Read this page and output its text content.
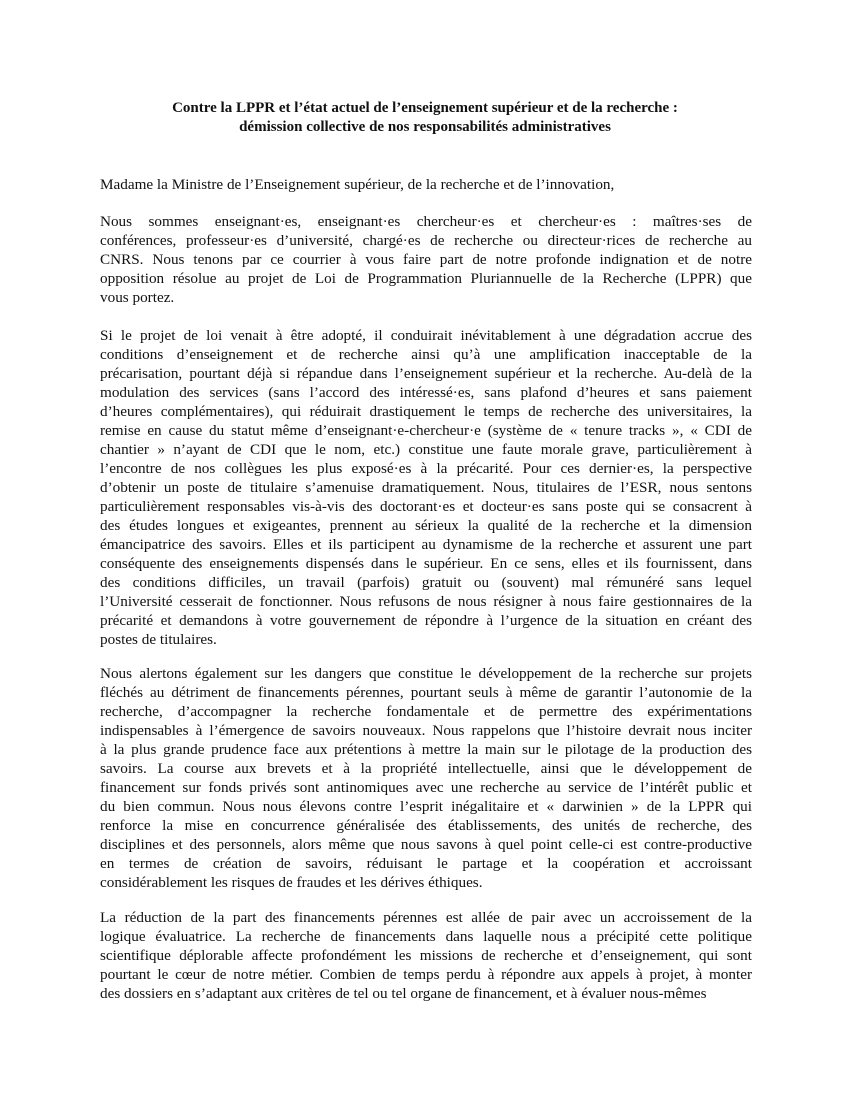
Contre la LPPR et l’état actuel de l’enseignement supérieur et de la recherche :
démission collective de nos responsabilités administratives
Madame la Ministre de l’Enseignement supérieur, de la recherche et de l’innovation,
Nous sommes enseignant·es, enseignant·es chercheur·es et chercheur·es : maîtres·ses de
conférences, professeur·es d’université, chargé·es de recherche ou directeur·rices de recherche au
CNRS. Nous tenons par ce courrier à vous faire part de notre profonde indignation et de notre
opposition résolue au projet de Loi de Programmation Pluriannuelle de la Recherche (LPPR) que
vous portez.
Si le projet de loi venait à être adopté, il conduirait inévitablement à une dégradation accrue des
conditions d’enseignement et de recherche ainsi qu’à une amplification inacceptable de la
précarisation, pourtant déjà si répandue dans l’enseignement supérieur et la recherche. Au-delà de la
modulation des services (sans l’accord des intéressé·es, sans plafond d’heures et sans paiement
d’heures complémentaires), qui réduirait drastiquement le temps de recherche des universitaires, la
remise en cause du statut même d’enseignant·e-chercheur·e (système de « tenure tracks », « CDI de
chantier » n’ayant de CDI que le nom, etc.) constitue une faute morale grave, particulièrement à
l’encontre de nos collègues les plus exposé·es à la précarité. Pour ces dernier·es, la perspective
d’obtenir un poste de titulaire s’amenuise dramatiquement. Nous, titulaires de l’ESR, nous sentons
particulièrement responsables vis-à-vis des doctorant·es et docteur·es sans poste qui se consacrent à
des études longues et exigeantes, prennent au sérieux la qualité de la recherche et la dimension
émancipatrice des savoirs. Elles et ils participent au dynamisme de la recherche et assurent une part
conséquente des enseignements dispensés dans le supérieur. En ce sens, elles et ils fournissent, dans
des conditions difficiles, un travail (parfois) gratuit ou (souvent) mal rémunéré sans lequel
l’Université cesserait de fonctionner. Nous refusons de nous résigner à nous faire gestionnaires de la
précarité et demandons à votre gouvernement de répondre à l’urgence de la situation en créant des
postes de titulaires.
Nous alertons également sur les dangers que constitue le développement de la recherche sur projets
fléchés au détriment de financements pérennes, pourtant seuls à même de garantir l’autonomie de la
recherche, d’accompagner la recherche fondamentale et de permettre des expérimentations
indispensables à l’émergence de savoirs nouveaux. Nous rappelons que l’histoire devrait nous inciter
à la plus grande prudence face aux prétentions à mettre la main sur le pilotage de la production des
savoirs. La course aux brevets et à la propriété intellectuelle, ainsi que le développement de
financement sur fonds privés sont antinomiques avec une recherche au service de l’intérêt public et
du bien commun. Nous nous élevons contre l’esprit inégalitaire et « darwinien » de la LPPR qui
renforce la mise en concurrence généralisée des établissements, des unités de recherche, des
disciplines et des personnels, alors même que nous savons à quel point celle-ci est contre-productive
en termes de création de savoirs, réduisant le partage et la coopération et accroissant
considérablement les risques de fraudes et les dérives éthiques.
La réduction de la part des financements pérennes est allée de pair avec un accroissement de la
logique évaluatrice. La recherche de financements dans laquelle nous a précipité cette politique
scientifique déplorable affecte profondément les missions de recherche et d’enseignement, qui sont
pourtant le cœur de notre métier. Combien de temps perdu à répondre aux appels à projet, à monter
des dossiers en s’adaptant aux critères de tel ou tel organe de financement, et à évaluer nous-mêmes
